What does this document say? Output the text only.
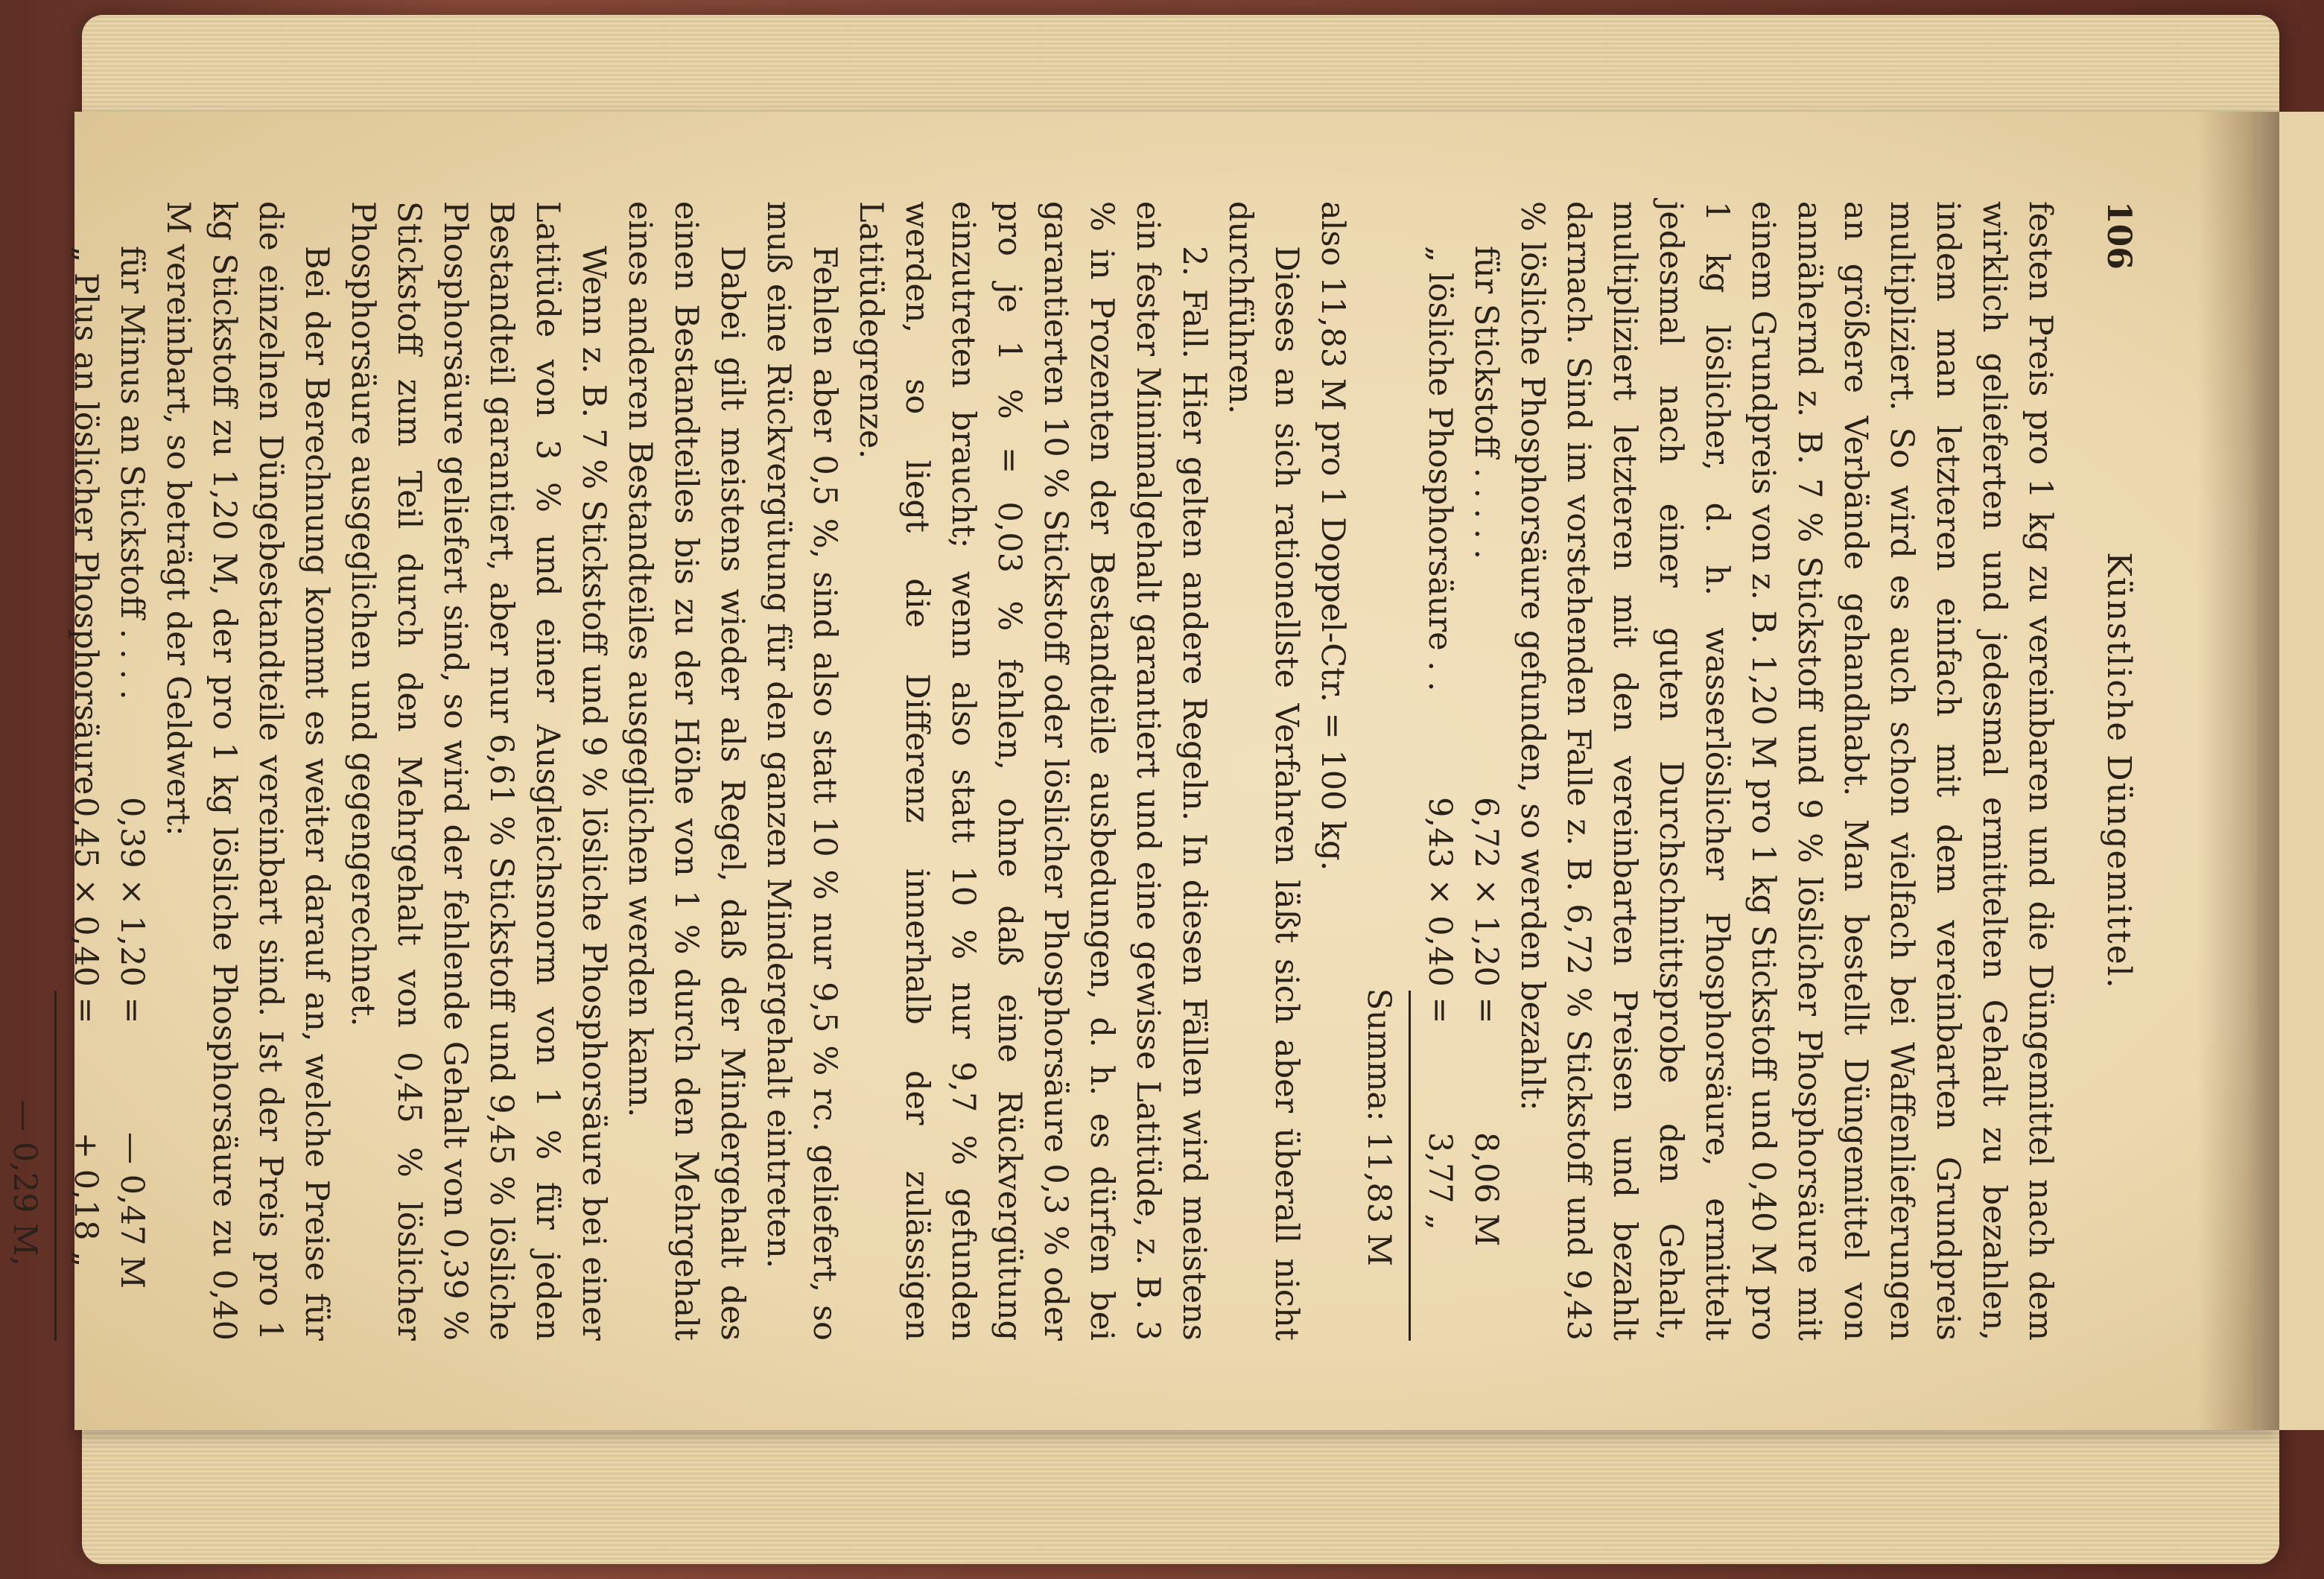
106
Künstliche Düngemittel.

festen Preis pro 1 kg zu vereinbaren und die Düngemittel nach dem wirklich gelieferten und jedesmal ermittelten Gehalt zu bezahlen, indem man letzteren einfach mit dem vereinbarten Grundpreis multipliziert. So wird es auch schon vielfach bei Waffenlieferungen an größere Verbände gehandhabt. Man bestellt Düngemittel von annähernd z. B. 7 % Stickstoff und 9 % löslicher Phosphorsäure mit einem Grundpreis von z. B. 1,20 M pro 1 kg Stickstoff und 0,40 M pro 1 kg löslicher, d. h. wasserlöslicher Phosphorsäure, ermittelt jedesmal nach einer guten Durchschnittsprobe den Gehalt, multipliziert letzteren mit den vereinbarten Preisen und bezahlt darnach. Sind im vorstehenden Falle z. B. 6,72 % Stickstoff und 9,43 % lösliche Phosphorsäure gefunden, so werden bezahlt:

für Stickstoff . . . . .
6,72 × 1,20 =
8,06 M
„ lösliche Phosphorsäure . .
9,43 × 0,40 =
3,77 „

Summa: 11,83 M

also 11,83 M pro 1 Doppel-Ctr. = 100 kg.

Dieses an sich rationellste Verfahren läßt sich aber überall nicht durchführen.

2. Fall. Hier gelten andere Regeln. In diesen Fällen wird meistens ein fester Minimalgehalt garantiert und eine gewisse Latitüde, z. B. 3 % in Prozenten der Bestandteile ausbedungen, d. h. es dürfen bei garantierten 10 % Stickstoff oder löslicher Phosphorsäure 0,3 % oder pro je 1 % = 0,03 % fehlen, ohne daß eine Rückvergütung einzutreten braucht; wenn also statt 10 % nur 9,7 % gefunden werden, so liegt die Differenz innerhalb der zulässigen Latitüdegrenze.

Fehlen aber 0,5 %, sind also statt 10 % nur 9,5 % rc. geliefert, so muß eine Rückvergütung für den ganzen Mindergehalt eintreten.

Dabei gilt meistens wieder als Regel, daß der Mindergehalt des einen Bestandteiles bis zu der Höhe von 1 % durch den Mehrgehalt eines anderen Bestandteiles ausgeglichen werden kann.

Wenn z. B. 7 % Stickstoff und 9 % lösliche Phosphorsäure bei einer Latitüde von 3 % und einer Ausgleichsnorm von 1 % für jeden Bestandteil garantiert, aber nur 6,61 % Stickstoff und 9,45 % lösliche Phosphorsäure geliefert sind, so wird der fehlende Gehalt von 0,39 % Stickstoff zum Teil durch den Mehrgehalt von 0,45 % löslicher Phosphorsäure ausgeglichen und gegengerechnet.

Bei der Berechnung kommt es weiter darauf an, welche Preise für die einzelnen Düngebestandteile vereinbart sind. Ist der Preis pro 1 kg Stickstoff zu 1,20 M, der pro 1 kg lösliche Phosphorsäure zu 0,40 M vereinbart, so beträgt der Geldwert:

für Minus an Stickstoff . . . .
0,39 × 1,20 =
— 0,47 M
„ Plus an löslicher Phosphorsäure
0,45 × 0,40 =
+ 0,18 „

— 0,29 M,
